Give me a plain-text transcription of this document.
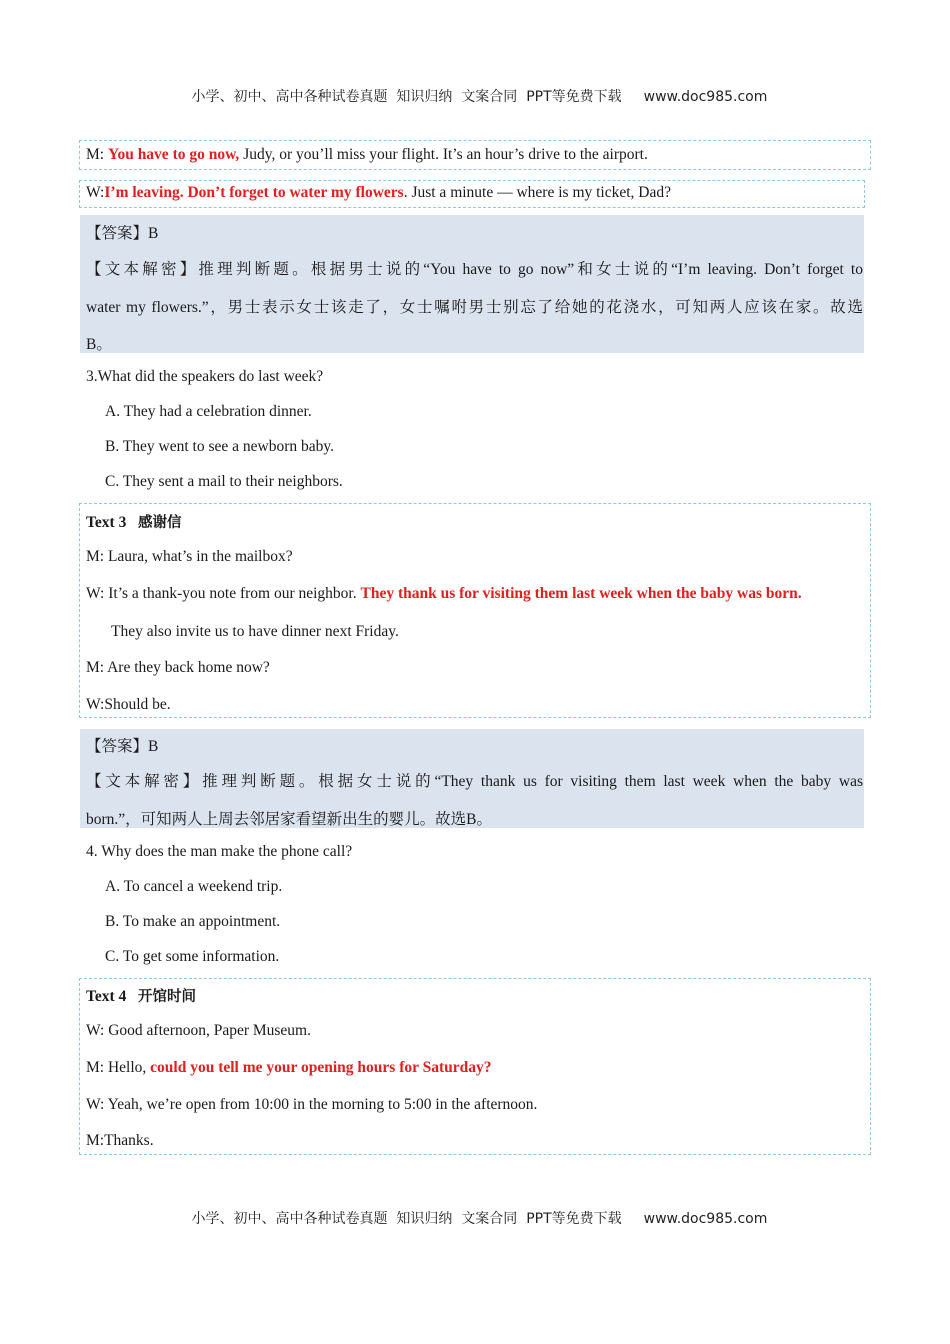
小学、初中、高中各种试卷真题  知识归纳  文案合同  PPT等免费下载 www.doc985.com

M: You have to go now, Judy, or you’ll miss your flight. It’s an hour’s drive to the airport.
W:I’m leaving. Don’t forget to water my flowers. Just a minute — where is my ticket, Dad?
【答案】B
【文本解密】推理判断题。根据男士说的“You have to go now”和女士说的“I’m leaving. Don’t forget to
water my flowers.”，男士表示女士该走了，女士嘱咐男士别忘了给她的花浇水，可知两人应该在家。故选
B。
3.What did the speakers do last week?
A. They had a celebration dinner.
B. They went to see a newborn baby.
C. They sent a mail to their neighbors.
Text 3 感谢信
M: Laura, what’s in the mailbox?
W: It’s a thank-you note from our neighbor. They thank us for visiting them last week when the baby was born.
They also invite us to have dinner next Friday.
M: Are they back home now?
W:Should be.
【答案】B
【文本解密】推理判断题。根据女士说的“They thank us for visiting them last week when the baby was
born.”，可知两人上周去邻居家看望新出生的婴儿。故选B。
4. Why does the man make the phone call?
A. To cancel a weekend trip.
B. To make an appointment.
C. To get some information.
Text 4 开馆时间
W: Good afternoon, Paper Museum.
M: Hello, could you tell me your opening hours for Saturday?
W: Yeah, we’re open from 10:00 in the morning to 5:00 in the afternoon.
M:Thanks.

小学、初中、高中各种试卷真题  知识归纳  文案合同  PPT等免费下载 www.doc985.com
